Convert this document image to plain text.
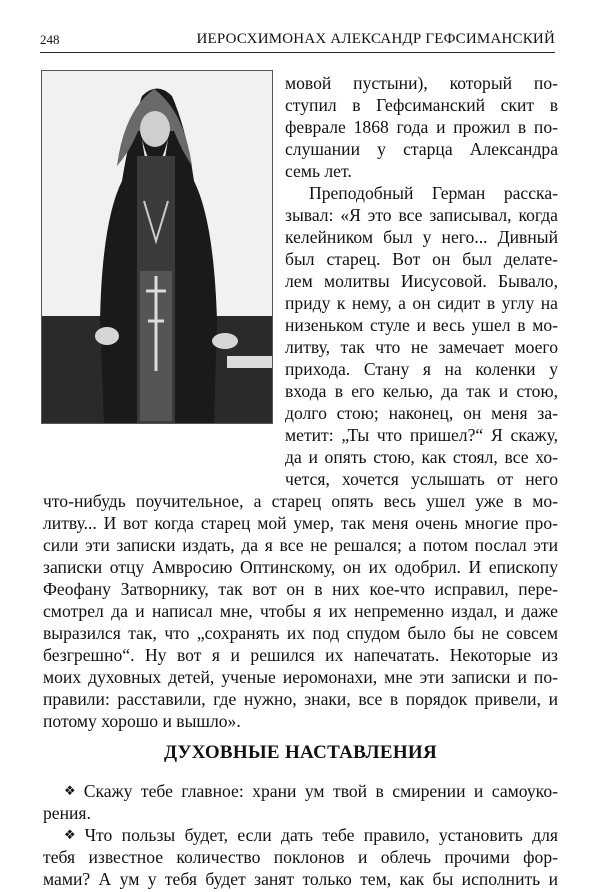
248	ИЕРОСХИМОНАХ АЛЕКСАНДР ГЕФСИМАНСКИЙ
мовой пустыни), который по-
ступил в Гефсиманский скит в
феврале 1868 года и прожил в по-
слушании у старца Александра
семь лет.
Преподобный Герман расска-
зывал: «Я это все записывал, когда
келейником был у него... Дивный
был старец. Вот он был делате-
лем молитвы Иисусовой. Бывало,
приду к нему, а он сидит в углу на
низеньком стуле и весь ушел в мо-
литву, так что не замечает моего
прихода. Стану я на коленки у
входа в его келью, да так и стою,
долго стою; наконец, он меня за-
метит: „Ты что пришел?“ Я скажу,
да и опять стою, как стоял, все хо-
чется, хочется услышать от него
что-нибудь поучительное, а старец опять весь ушел уже в мо-
литву... И вот когда старец мой умер, так меня очень многие про-
сили эти записки издать, да я все не решался; а потом послал эти
записки отцу Амвросию Оптинскому, он их одобрил. И епископу
Феофану Затворнику, так вот он в них кое-что исправил, пере-
смотрел да и написал мне, чтобы я их непременно издал, и даже
выразился так, что „сохранять их под спудом было бы не совсем
безгрешно“. Ну вот я и решился их напечатать. Некоторые из
моих духовных детей, ученые иеромонахи, мне эти записки и по-
правили: расставили, где нужно, знаки, все в порядок привели, и
потому хорошо и вышло».
ДУХОВНЫЕ НАСТАВЛЕНИЯ
❖ Скажу тебе главное: храни ум твой в смирении и самоуко-
рения.
❖ Что пользы будет, если дать тебе правило, установить для
тебя известное количество поклонов и облечь прочими фор-
мами? А ум у тебя будет занят только тем, как бы исполнить и
